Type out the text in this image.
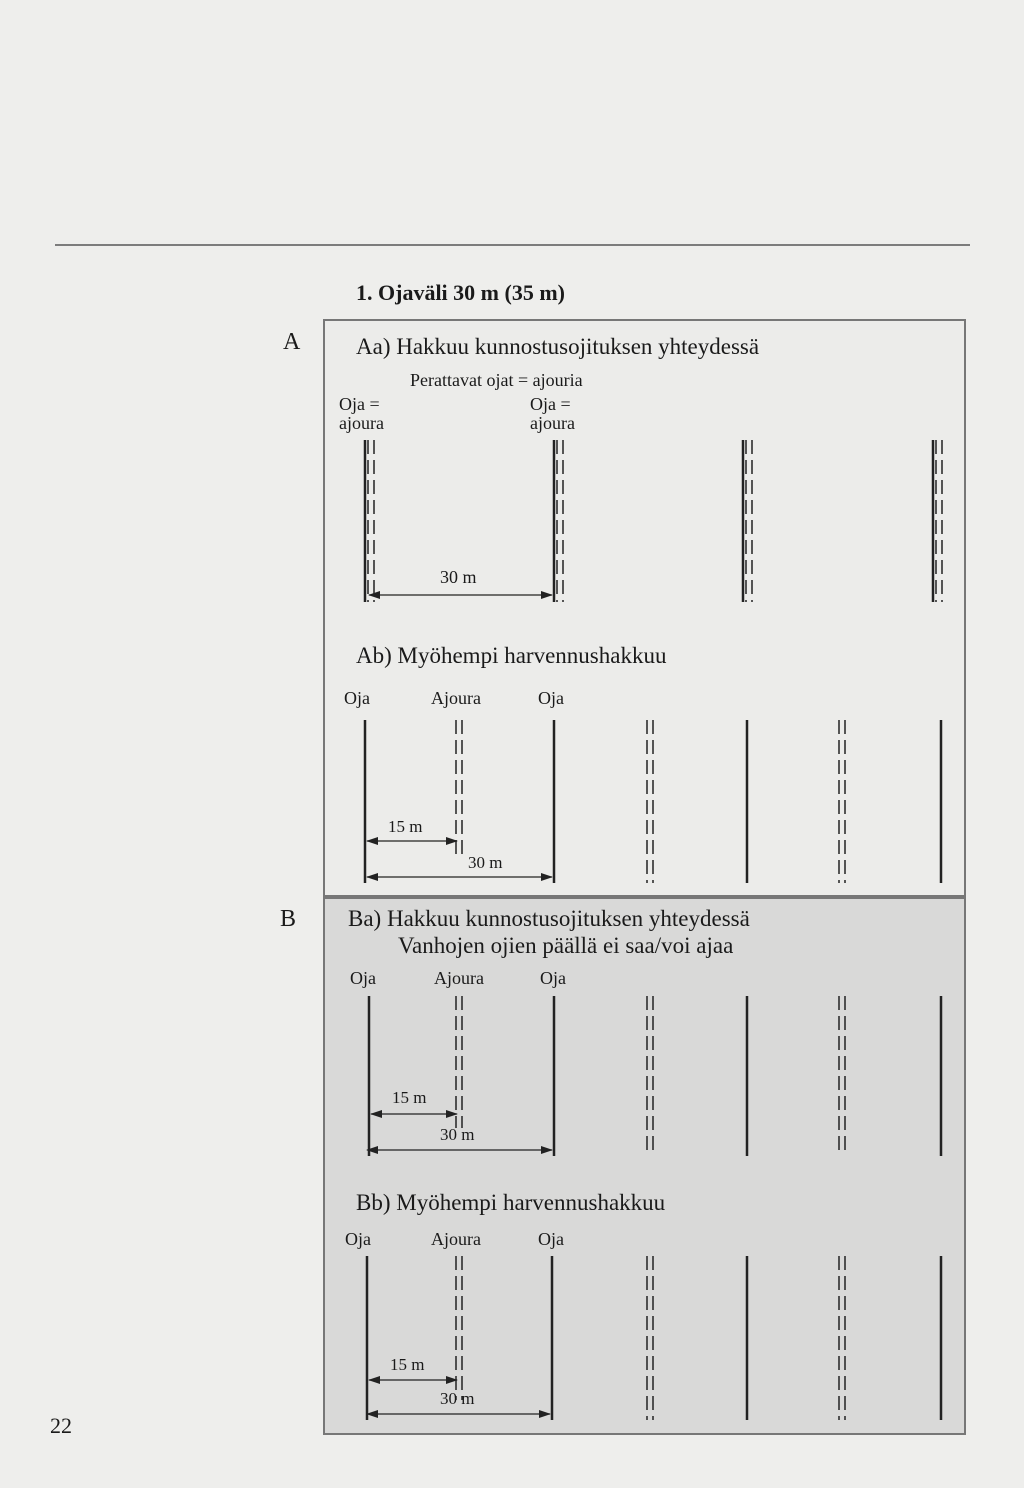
1. Ojaväli 30 m (35 m)
A
B
Aa) Hakkuu kunnostusojituksen yhteydessä
Perattavat ojat = ajouria
Oja =
ajoura
Oja =
ajoura
30 m
Ab) Myöhempi harvennushakkuu
Oja	Ajoura	Oja
15 m
30 m
Ba) Hakkuu kunnostusojituksen yhteydessä
Vanhojen ojien päällä ei saa/voi ajaa
Oja	Ajoura	Oja
15 m
30 m
Bb) Myöhempi harvennushakkuu
Oja	Ajoura	Oja
15 m
30 m
22
